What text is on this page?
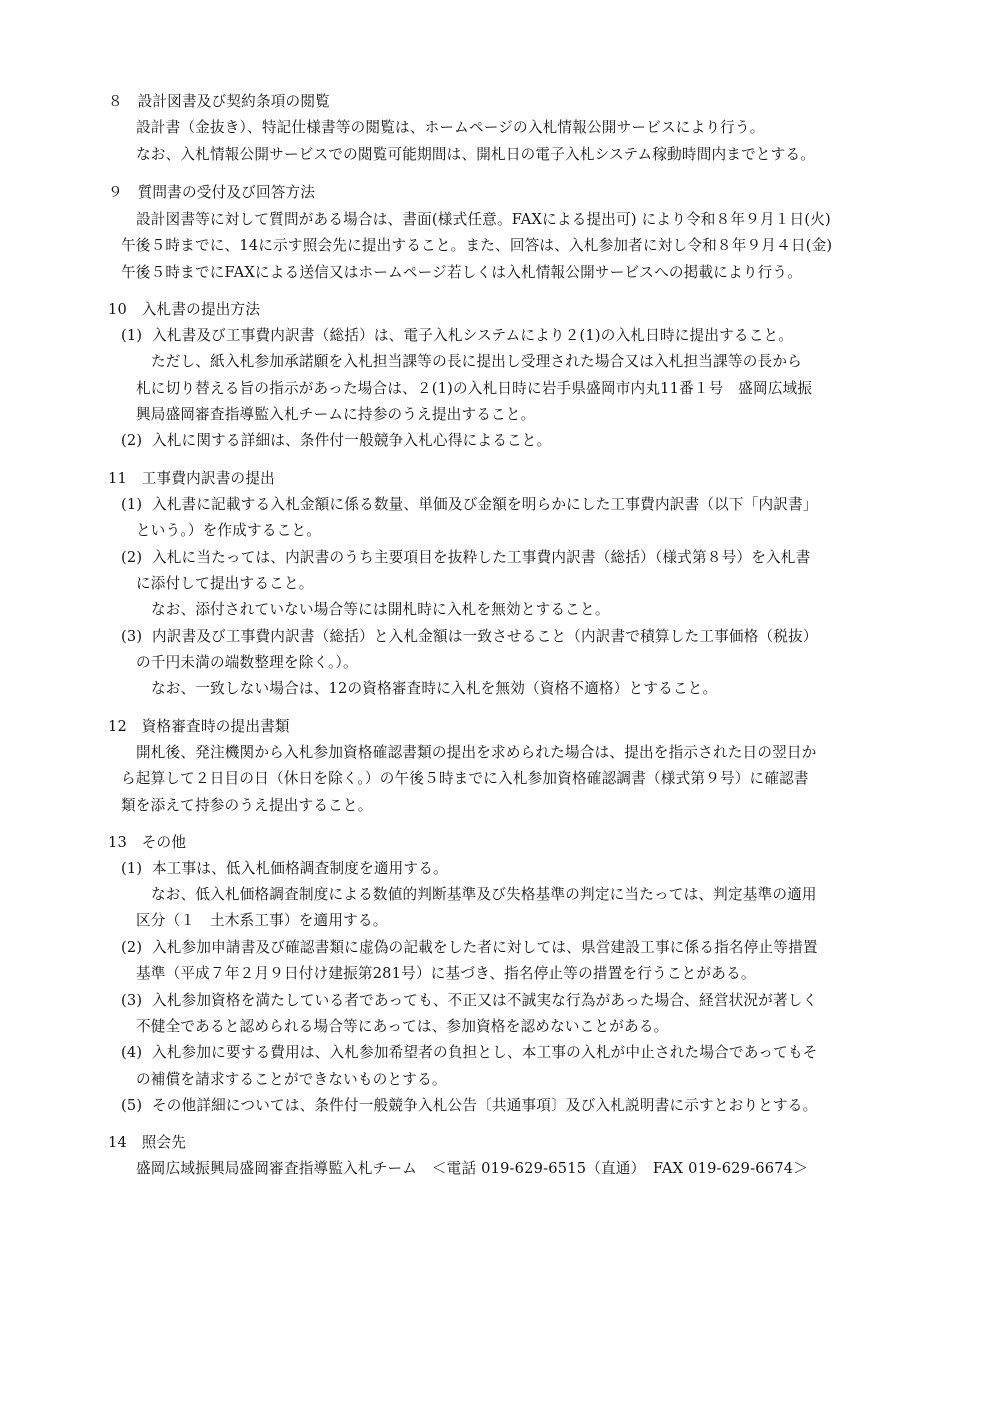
８　設計図書及び契約条項の閲覧
設計書（金抜き）、特記仕様書等の閲覧は、ホームページの入札情報公開サービスにより行う。
なお、入札情報公開サービスでの閲覧可能期間は、開札日の電子入札システム稼動時間内までとする。
９　質問書の受付及び回答方法
設計図書等に対して質問がある場合は、書面(様式任意。FAXによる提出可) により令和８年９月１日(火)
午後５時までに、14に示す照会先に提出すること。また、回答は、入札参加者に対し令和８年９月４日(金)
午後５時までにFAXによる送信又はホームページ若しくは入札情報公開サービスへの掲載により行う。
10　入札書の提出方法
(1)  入札書及び工事費内訳書（総括）は、電子入札システムにより２(1)の入札日時に提出すること。
ただし、紙入札参加承諾願を入札担当課等の長に提出し受理された場合又は入札担当課等の長から
札に切り替える旨の指示があった場合は、２(1)の入札日時に岩手県盛岡市内丸11番１号　盛岡広域振
興局盛岡審査指導監入札チームに持参のうえ提出すること。
(2)  入札に関する詳細は、条件付一般競争入札心得によること。
11　工事費内訳書の提出
(1)  入札書に記載する入札金額に係る数量、単価及び金額を明らかにした工事費内訳書（以下「内訳書」
という。）を作成すること。
(2)  入札に当たっては、内訳書のうち主要項目を抜粋した工事費内訳書（総括）（様式第８号）を入札書
に添付して提出すること。
なお、添付されていない場合等には開札時に入札を無効とすること。
(3)  内訳書及び工事費内訳書（総括）と入札金額は一致させること（内訳書で積算した工事価格（税抜）
の千円未満の端数整理を除く。）。
なお、一致しない場合は、12の資格審査時に入札を無効（資格不適格）とすること。
12　資格審査時の提出書類
開札後、発注機関から入札参加資格確認書類の提出を求められた場合は、提出を指示された日の翌日か
ら起算して２日目の日（休日を除く。）の午後５時までに入札参加資格確認調書（様式第９号）に確認書
類を添えて持参のうえ提出すること。
13　その他
(1)  本工事は、低入札価格調査制度を適用する。
なお、低入札価格調査制度による数値的判断基準及び失格基準の判定に当たっては、判定基準の適用
区分（１　土木系工事）を適用する。
(2)  入札参加申請書及び確認書類に虚偽の記載をした者に対しては、県営建設工事に係る指名停止等措置
基準（平成７年２月９日付け建振第281号）に基づき、指名停止等の措置を行うことがある。
(3)  入札参加資格を満たしている者であっても、不正又は不誠実な行為があった場合、経営状況が著しく
不健全であると認められる場合等にあっては、参加資格を認めないことがある。
(4)  入札参加に要する費用は、入札参加希望者の負担とし、本工事の入札が中止された場合であってもそ
の補償を請求することができないものとする。
(5)  その他詳細については、条件付一般競争入札公告〔共通事項〕及び入札説明書に示すとおりとする。
14　照会先
盛岡広域振興局盛岡審査指導監入札チーム　＜電話 019-629-6515（直通）　FAX 019-629-6674＞
